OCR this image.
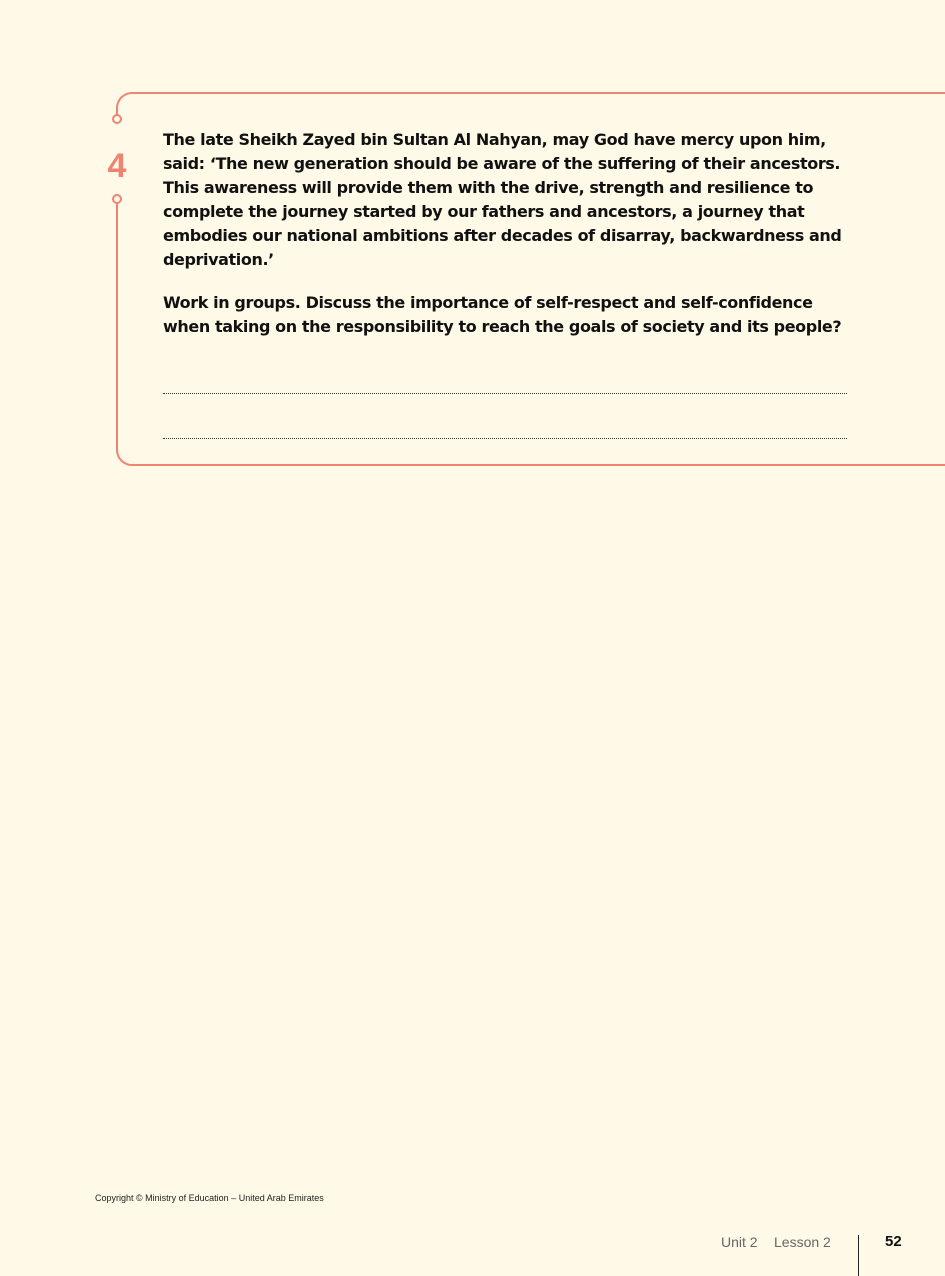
4

The late Sheikh Zayed bin Sultan Al Nahyan, may God have mercy upon him, said: ‘The new generation should be aware of the suffering of their ancestors. This awareness will provide them with the drive, strength and resilience to complete the journey started by our fathers and ancestors, a journey that embodies our national ambitions after decades of disarray, backwardness and deprivation.’

Work in groups. Discuss the importance of self-respect and self-confidence when taking on the responsibility to reach the goals of society and its people?

Copyright © Ministry of Education – United Arab Emirates
Unit 2 Lesson 2	52
